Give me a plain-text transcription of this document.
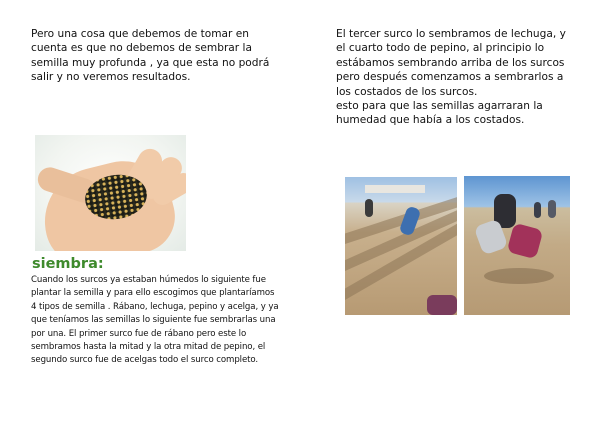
Pero una cosa que debemos de tomar en
cuenta es que no debemos de sembrar la
semilla muy profunda , ya que esta no podrá
salir y no veremos resultados.

El tercer surco lo sembramos de lechuga, y
el cuarto todo de pepino, al principio lo
estábamos sembrando arriba de los surcos
pero después comenzamos a sembrarlos a
los costados de los surcos.
esto para que las semillas agarraran la
humedad que había a los costados.

siembra:

Cuando los surcos ya estaban húmedos lo siguiente fue
plantar la semilla y para ello escogimos que plantaríamos
4 tipos de semilla . Rábano, lechuga, pepino y acelga, y ya
que teníamos las semillas lo siguiente fue sembrarlas una
por una. El primer surco fue de rábano pero este lo
sembramos hasta la mitad y la otra mitad de pepino, el
segundo surco fue de acelgas todo el surco completo.
